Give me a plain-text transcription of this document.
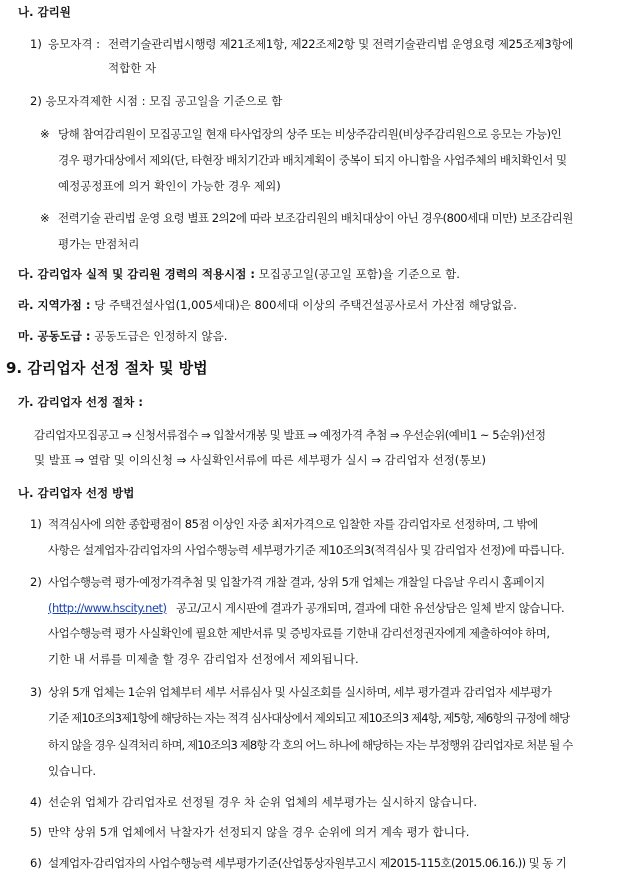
나. 감리원
1) 응모자격 : 전력기술관리법시행령 제21조제1항, 제22조제2항 및 전력기술관리법 운영요령 제25조제3항에
적합한 자
2) 응모자격제한 시점 : 모집 공고일을 기준으로 함
※ 당해 참여감리원이 모집공고일 현재 타사업장의 상주 또는 비상주감리원(비상주감리원으로 응모는 가능)인
경우 평가대상에서 제외(단, 타현장 배치기간과 배치계획이 중복이 되지 아니함을 사업주체의 배치확인서 및
예정공정표에 의거 확인이 가능한 경우 제외)
※ 전력기술 관리법 운영 요령 별표 2의2에 따라 보조감리원의 배치대상이 아닌 경우(800세대 미만) 보조감리원
평가는 만점처리
다. 감리업자 실적 및 감리원 경력의 적용시점 : 모집공고일(공고일 포함)을 기준으로 함.
라. 지역가점 : 당 주택건설사업(1,005세대)은 800세대 이상의 주택건설공사로서 가산점 해당없음.
마. 공동도급 : 공동도급은 인정하지 않음.
9. 감리업자 선정 절차 및 방법
가. 감리업자 선정 절차 :
감리업자모집공고 ⇒ 신청서류접수 ⇒ 입찰서개봉 및 발표 ⇒ 예정가격 추첨 ⇒ 우선순위(예비1 ~ 5순위)선정
및 발표 ⇒ 열람 및 이의신청 ⇒ 사실확인서류에 따른 세부평가 실시 ⇒ 감리업자 선정(통보)
나. 감리업자 선정 방법
1) 적격심사에 의한 종합평점이 85점 이상인 자중 최저가격으로 입찰한 자를 감리업자로 선정하며, 그 밖에
사항은 설계업자·감리업자의 사업수행능력 세부평가기준 제10조의3(적격심사 및 감리업자 선정)에 따릅니다.
2) 사업수행능력 평가·예정가격추첨 및 입찰가격 개찰 결과, 상위 5개 업체는 개찰일 다음날 우리시 홈페이지
(http://www.hscity.net) 공고/고시 게시판에 결과가 공개되며, 결과에 대한 유선상담은 일체 받지 않습니다.
사업수행능력 평가 사실확인에 필요한 제반서류 및 증빙자료를 기한내 감리선정권자에게 제출하여야 하며,
기한 내 서류를 미제출 할 경우 감리업자 선정에서 제외됩니다.
3) 상위 5개 업체는 1순위 업체부터 세부 서류심사 및 사실조회를 실시하며, 세부 평가결과 감리업자 세부평가
기준 제10조의3제1항에 해당하는 자는 적격 심사대상에서 제외되고 제10조의3 제4항, 제5항, 제6항의 규정에 해당
하지 않을 경우 실격처리 하며, 제10조의3 제8항 각 호의 어느 하나에 해당하는 자는 부정행위 감리업자로 처분 될 수
있습니다.
4) 선순위 업체가 감리업자로 선정될 경우 차 순위 업체의 세부평가는 실시하지 않습니다.
5) 만약 상위 5개 업체에서 낙찰자가 선정되지 않을 경우 순위에 의거 계속 평가 합니다.
6) 설계업자·감리업자의 사업수행능력 세부평가기준(산업통상자원부고시 제2015-115호(2015.06.16.)) 및 동 기
